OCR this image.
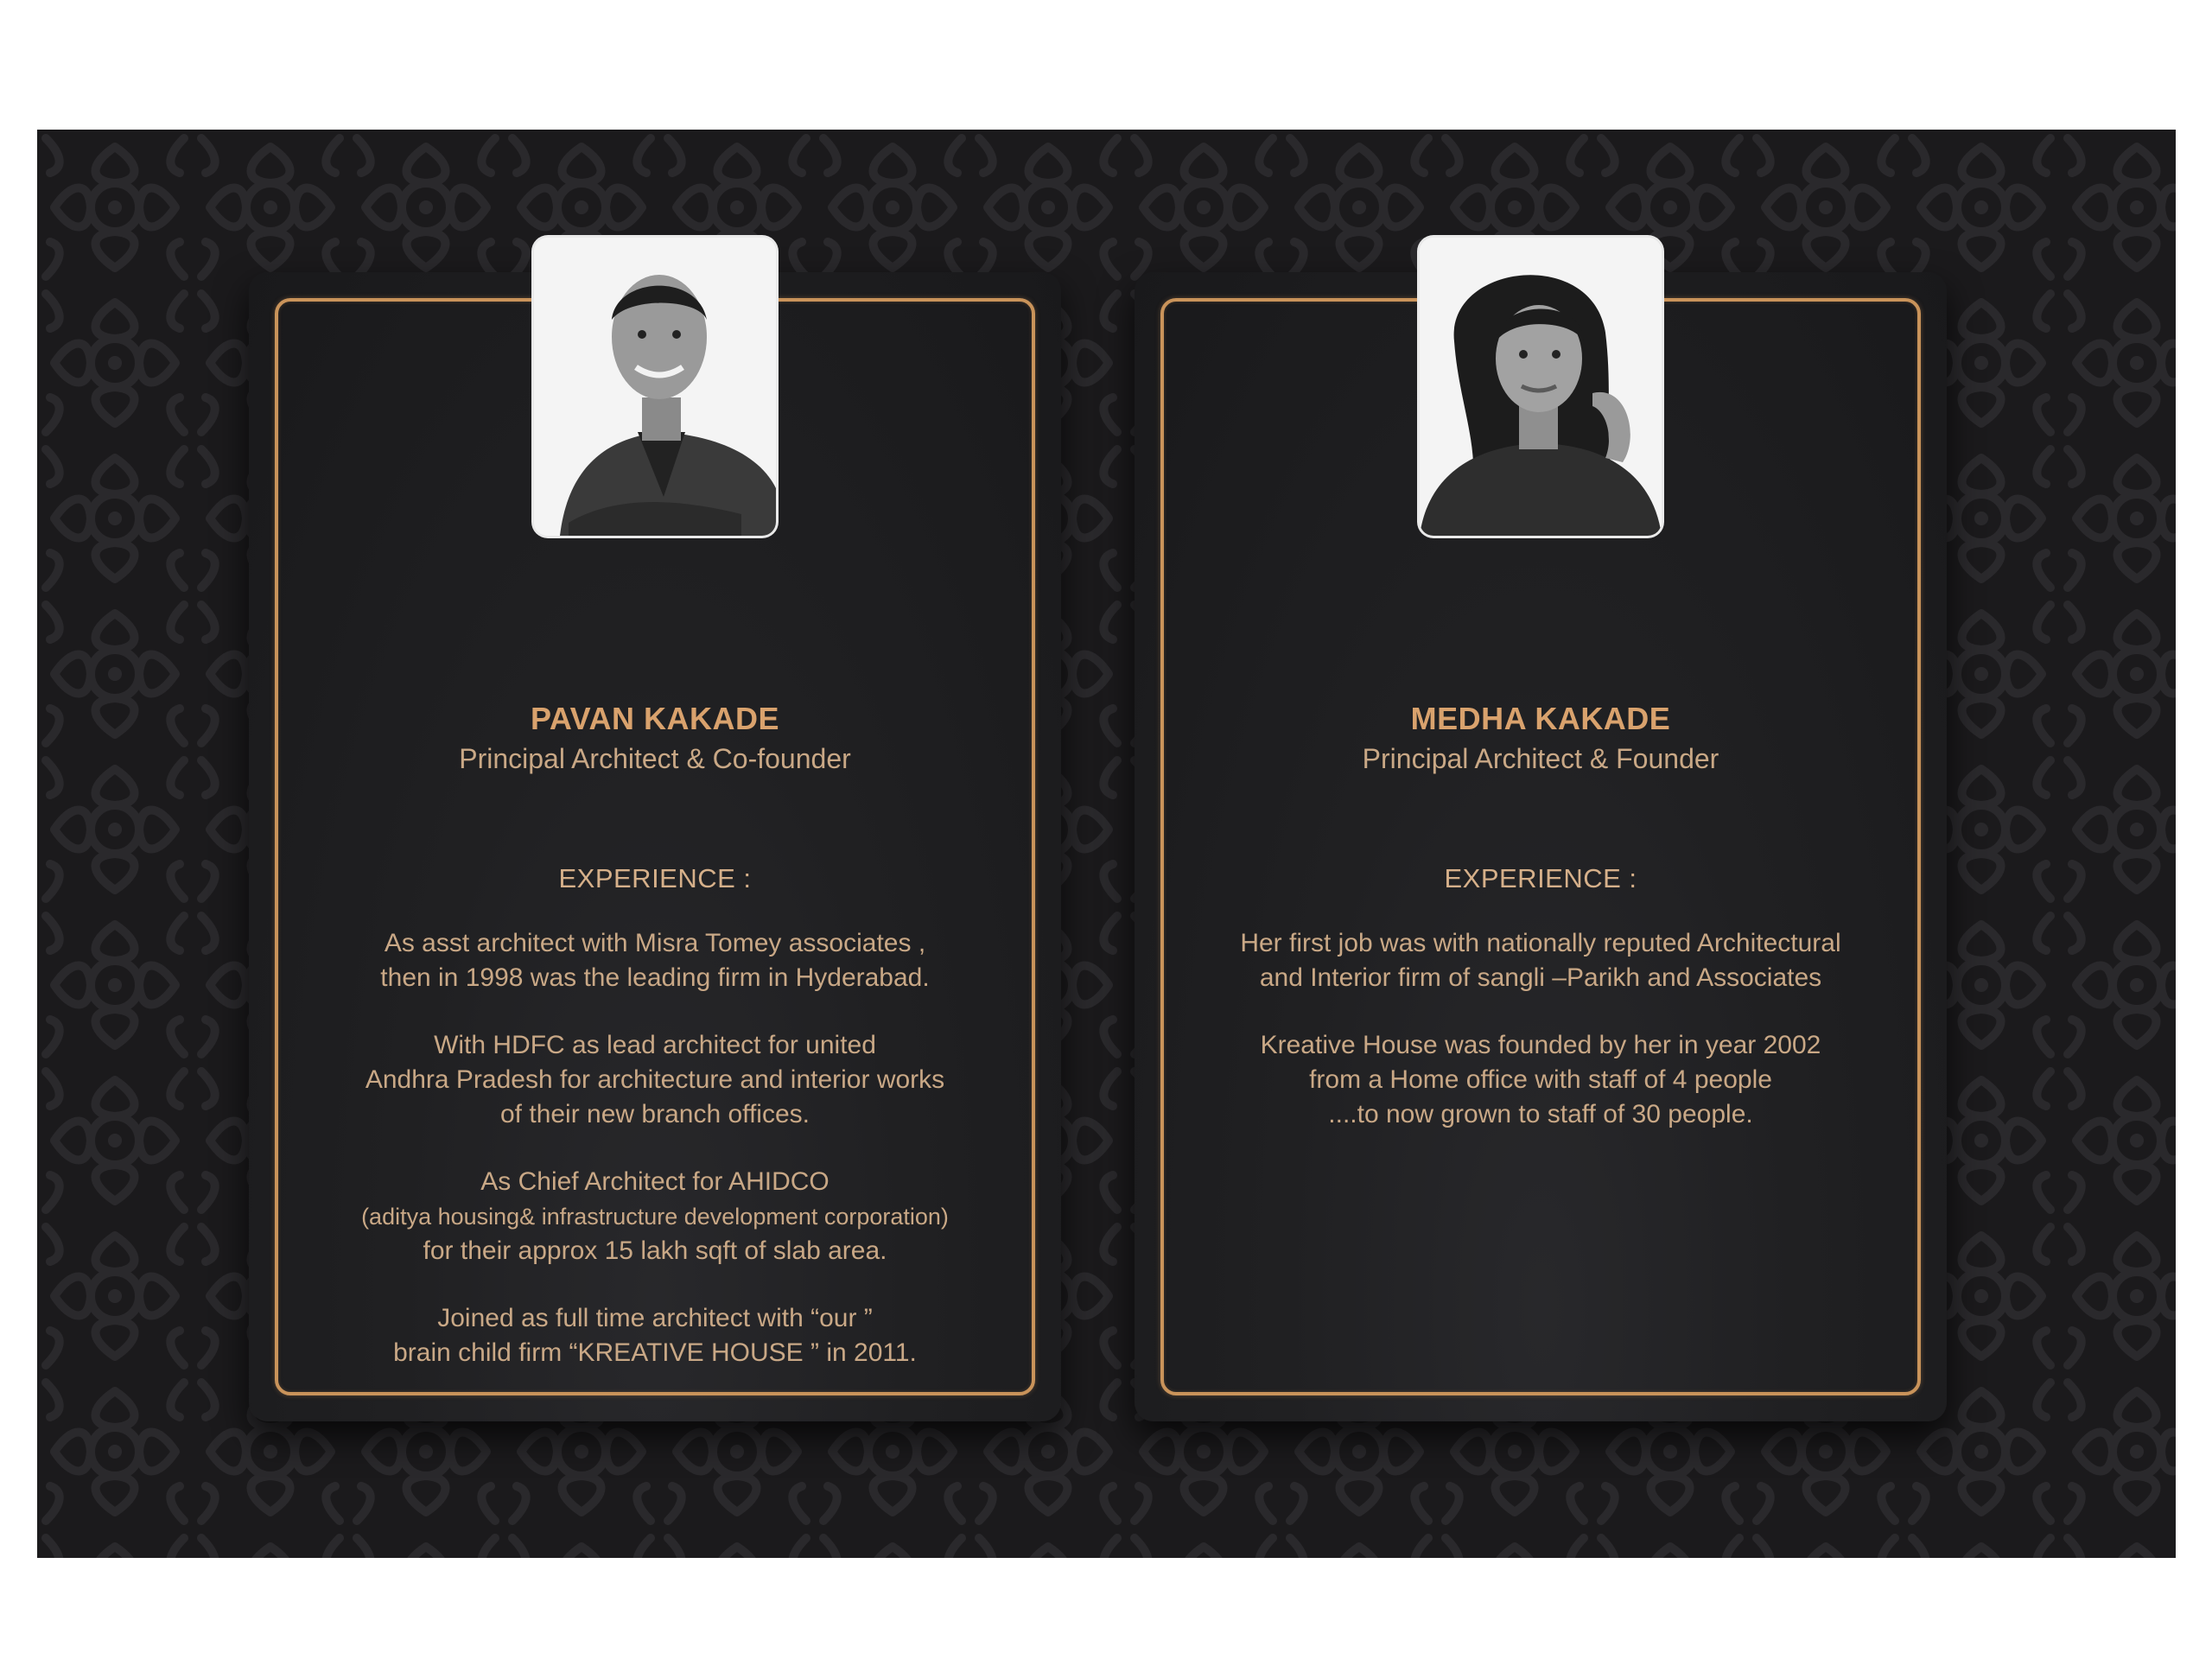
PAVAN KAKADE

Principal Architect & Co-founder

EXPERIENCE :

As asst architect with Misra Tomey associates ,
then in 1998 was the leading firm in Hyderabad.
With HDFC as lead architect for united
Andhra Pradesh for architecture and interior works
of their new branch offices.
As Chief Architect for AHIDCO
(aditya housing& infrastructure development corporation)
for their approx 15 lakh sqft of slab area.
Joined as full time architect with “our ”
brain child firm “KREATIVE HOUSE ” in 2011.

MEDHA KAKADE

Principal Architect & Founder

EXPERIENCE :

Her first job was with nationally reputed Architectural
and Interior firm of sangli –Parikh and Associates
Kreative House was founded by her in year 2002
from a Home office with staff of 4 people
....to now grown to staff of 30 people.
